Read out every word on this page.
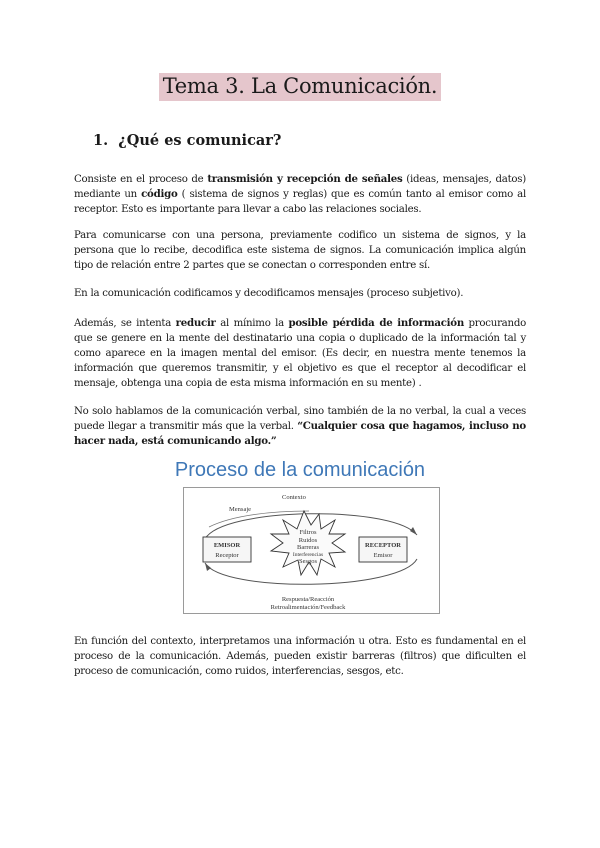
Tema 3. La Comunicación.
1. ¿Qué es comunicar?
Consiste en el proceso de transmisión y recepción de señales (ideas, mensajes, datos) mediante un código ( sistema de signos y reglas) que es común tanto al emisor como al receptor. Esto es importante para llevar a cabo las relaciones sociales.
Para comunicarse con una persona, previamente codifico un sistema de signos, y la persona que lo recibe, decodifica este sistema de signos. La comunicación implica algún tipo de relación entre 2 partes que se conectan o corresponden entre sí.
En la comunicación codificamos y decodificamos mensajes (proceso subjetivo).
Además, se intenta reducir al mínimo la posible pérdida de información procurando que se genere en la mente del destinatario una copia o duplicado de la información tal y como aparece en la imagen mental del emisor. (Es decir, en nuestra mente tenemos la información que queremos transmitir, y el objetivo es que el receptor al decodificar el mensaje, obtenga una copia de esta misma información en su mente) .
No solo hablamos de la comunicación verbal, sino también de la no verbal, la cual a veces puede llegar a transmitir más que la verbal. “Cualquier cosa que hagamos, incluso no hacer nada, está comunicando algo.”
Proceso de la comunicación
Contexto
Mensaje
EMISOR
Receptor
RECEPTOR
Emisor
Filtros
Ruidos
Barreras
Interferencias
Sesgos
Respuesta/Reacción
Retroalimentación/Feedback
En función del contexto, interpretamos una información u otra. Esto es fundamental en el proceso de la comunicación. Además, pueden existir barreras (filtros) que dificulten el proceso de comunicación, como ruidos, interferencias, sesgos, etc.
